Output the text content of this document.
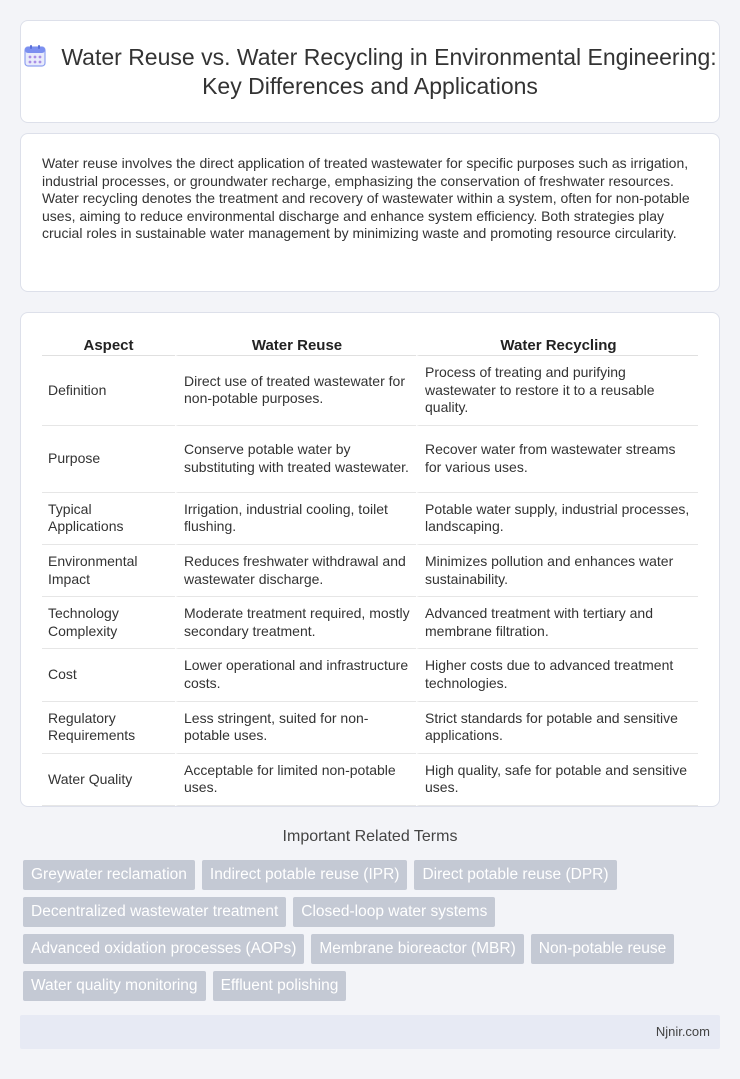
Water Reuse vs. Water Recycling in Environmental Engineering: Key Differences and Applications

Water reuse involves the direct application of treated wastewater for specific purposes such as irrigation, industrial processes, or groundwater recharge, emphasizing the conservation of freshwater resources. Water recycling denotes the treatment and recovery of wastewater within a system, often for non-potable uses, aiming to reduce environmental discharge and enhance system efficiency. Both strategies play crucial roles in sustainable water management by minimizing waste and promoting resource circularity.

Aspect	Water Reuse	Water Recycling
Definition	Direct use of treated wastewater for non-potable purposes.	Process of treating and purifying wastewater to restore it to a reusable quality.
Purpose	Conserve potable water by substituting with treated wastewater.	Recover water from wastewater streams for various uses.
Typical Applications	Irrigation, industrial cooling, toilet flushing.	Potable water supply, industrial processes, landscaping.
Environmental Impact	Reduces freshwater withdrawal and wastewater discharge.	Minimizes pollution and enhances water sustainability.
Technology Complexity	Moderate treatment required, mostly secondary treatment.	Advanced treatment with tertiary and membrane filtration.
Cost	Lower operational and infrastructure costs.	Higher costs due to advanced treatment technologies.
Regulatory Requirements	Less stringent, suited for non-potable uses.	Strict standards for potable and sensitive applications.
Water Quality	Acceptable for limited non-potable uses.	High quality, safe for potable and sensitive uses.
Important Related Terms
Greywater reclamation	Indirect potable reuse (IPR)	Direct potable reuse (DPR)
Decentralized wastewater treatment	Closed-loop water systems
Advanced oxidation processes (AOPs)	Membrane bioreactor (MBR)	Non-potable reuse
Water quality monitoring	Effluent polishing
Njnir.com
